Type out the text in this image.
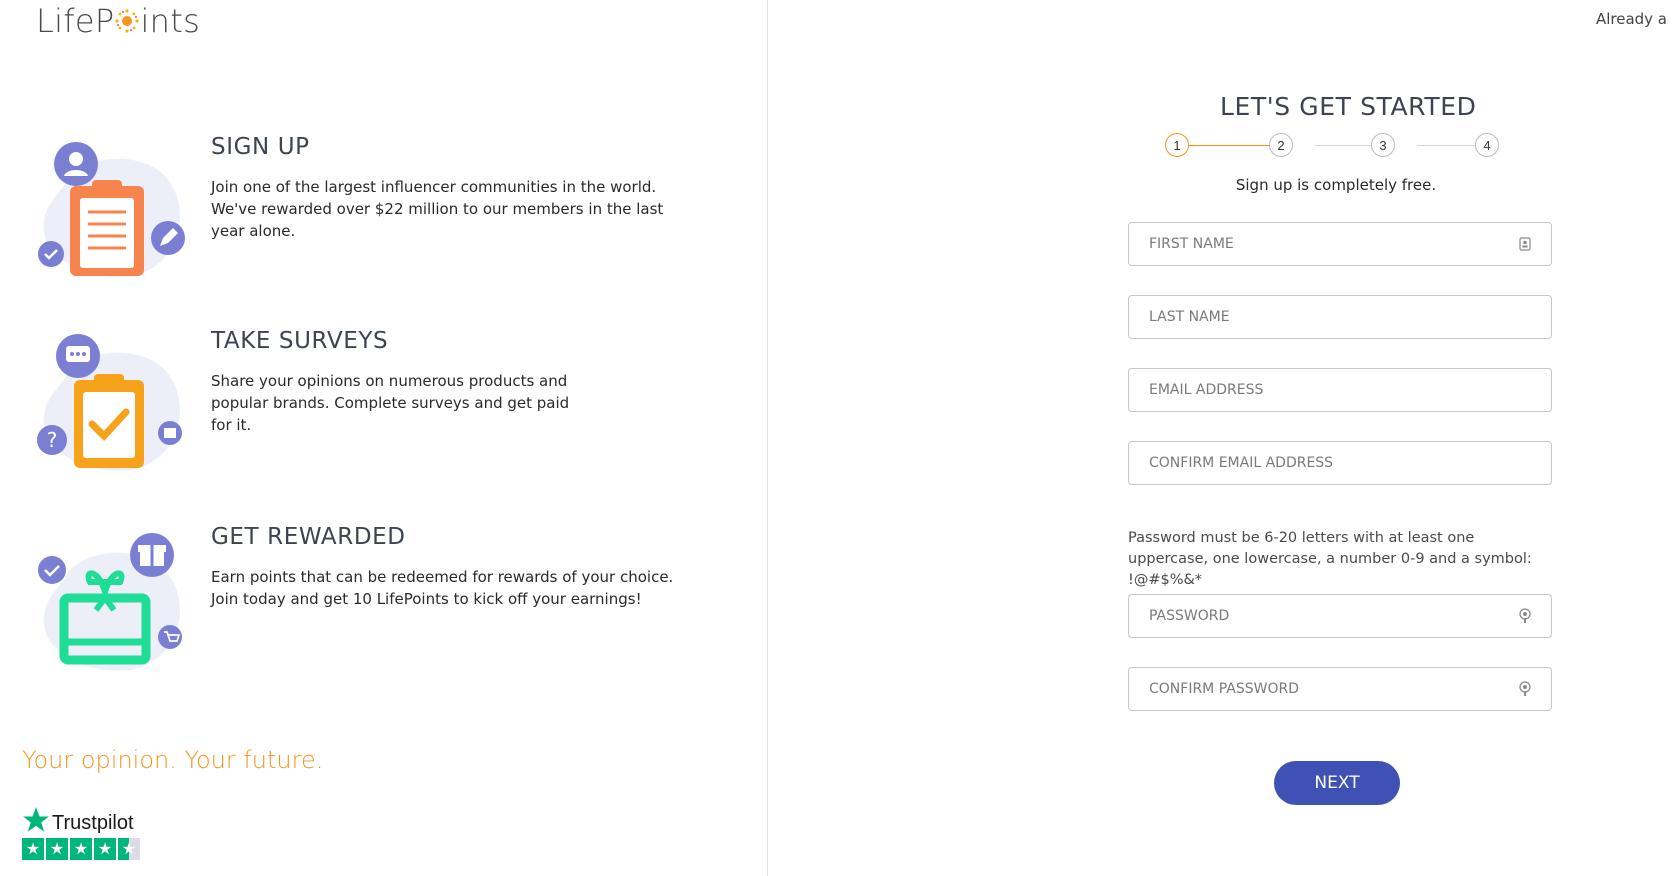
LifeP ints
SIGN UP
Join one of the largest influencer communities in the world. We've rewarded over $22 million to our members in the last year alone.
?
TAKE SURVEYS
Share your opinions on numerous products and popular brands. Complete surveys and get paid for it.
GET REWARDED
Earn points that can be redeemed for rewards of your choice. Join today and get 10 LifePoints to kick off your earnings!
Your opinion. Your future.
Trustpilot
★ ★ ★ ★ ★
Already a
LET'S GET STARTED
1	2	3	4
Sign up is completely free.
FIRST NAME
LAST NAME
EMAIL ADDRESS
CONFIRM EMAIL ADDRESS
Password must be 6-20 letters with at least one uppercase, one lowercase, a number 0-9 and a symbol: !@#$%&*
NEXT
